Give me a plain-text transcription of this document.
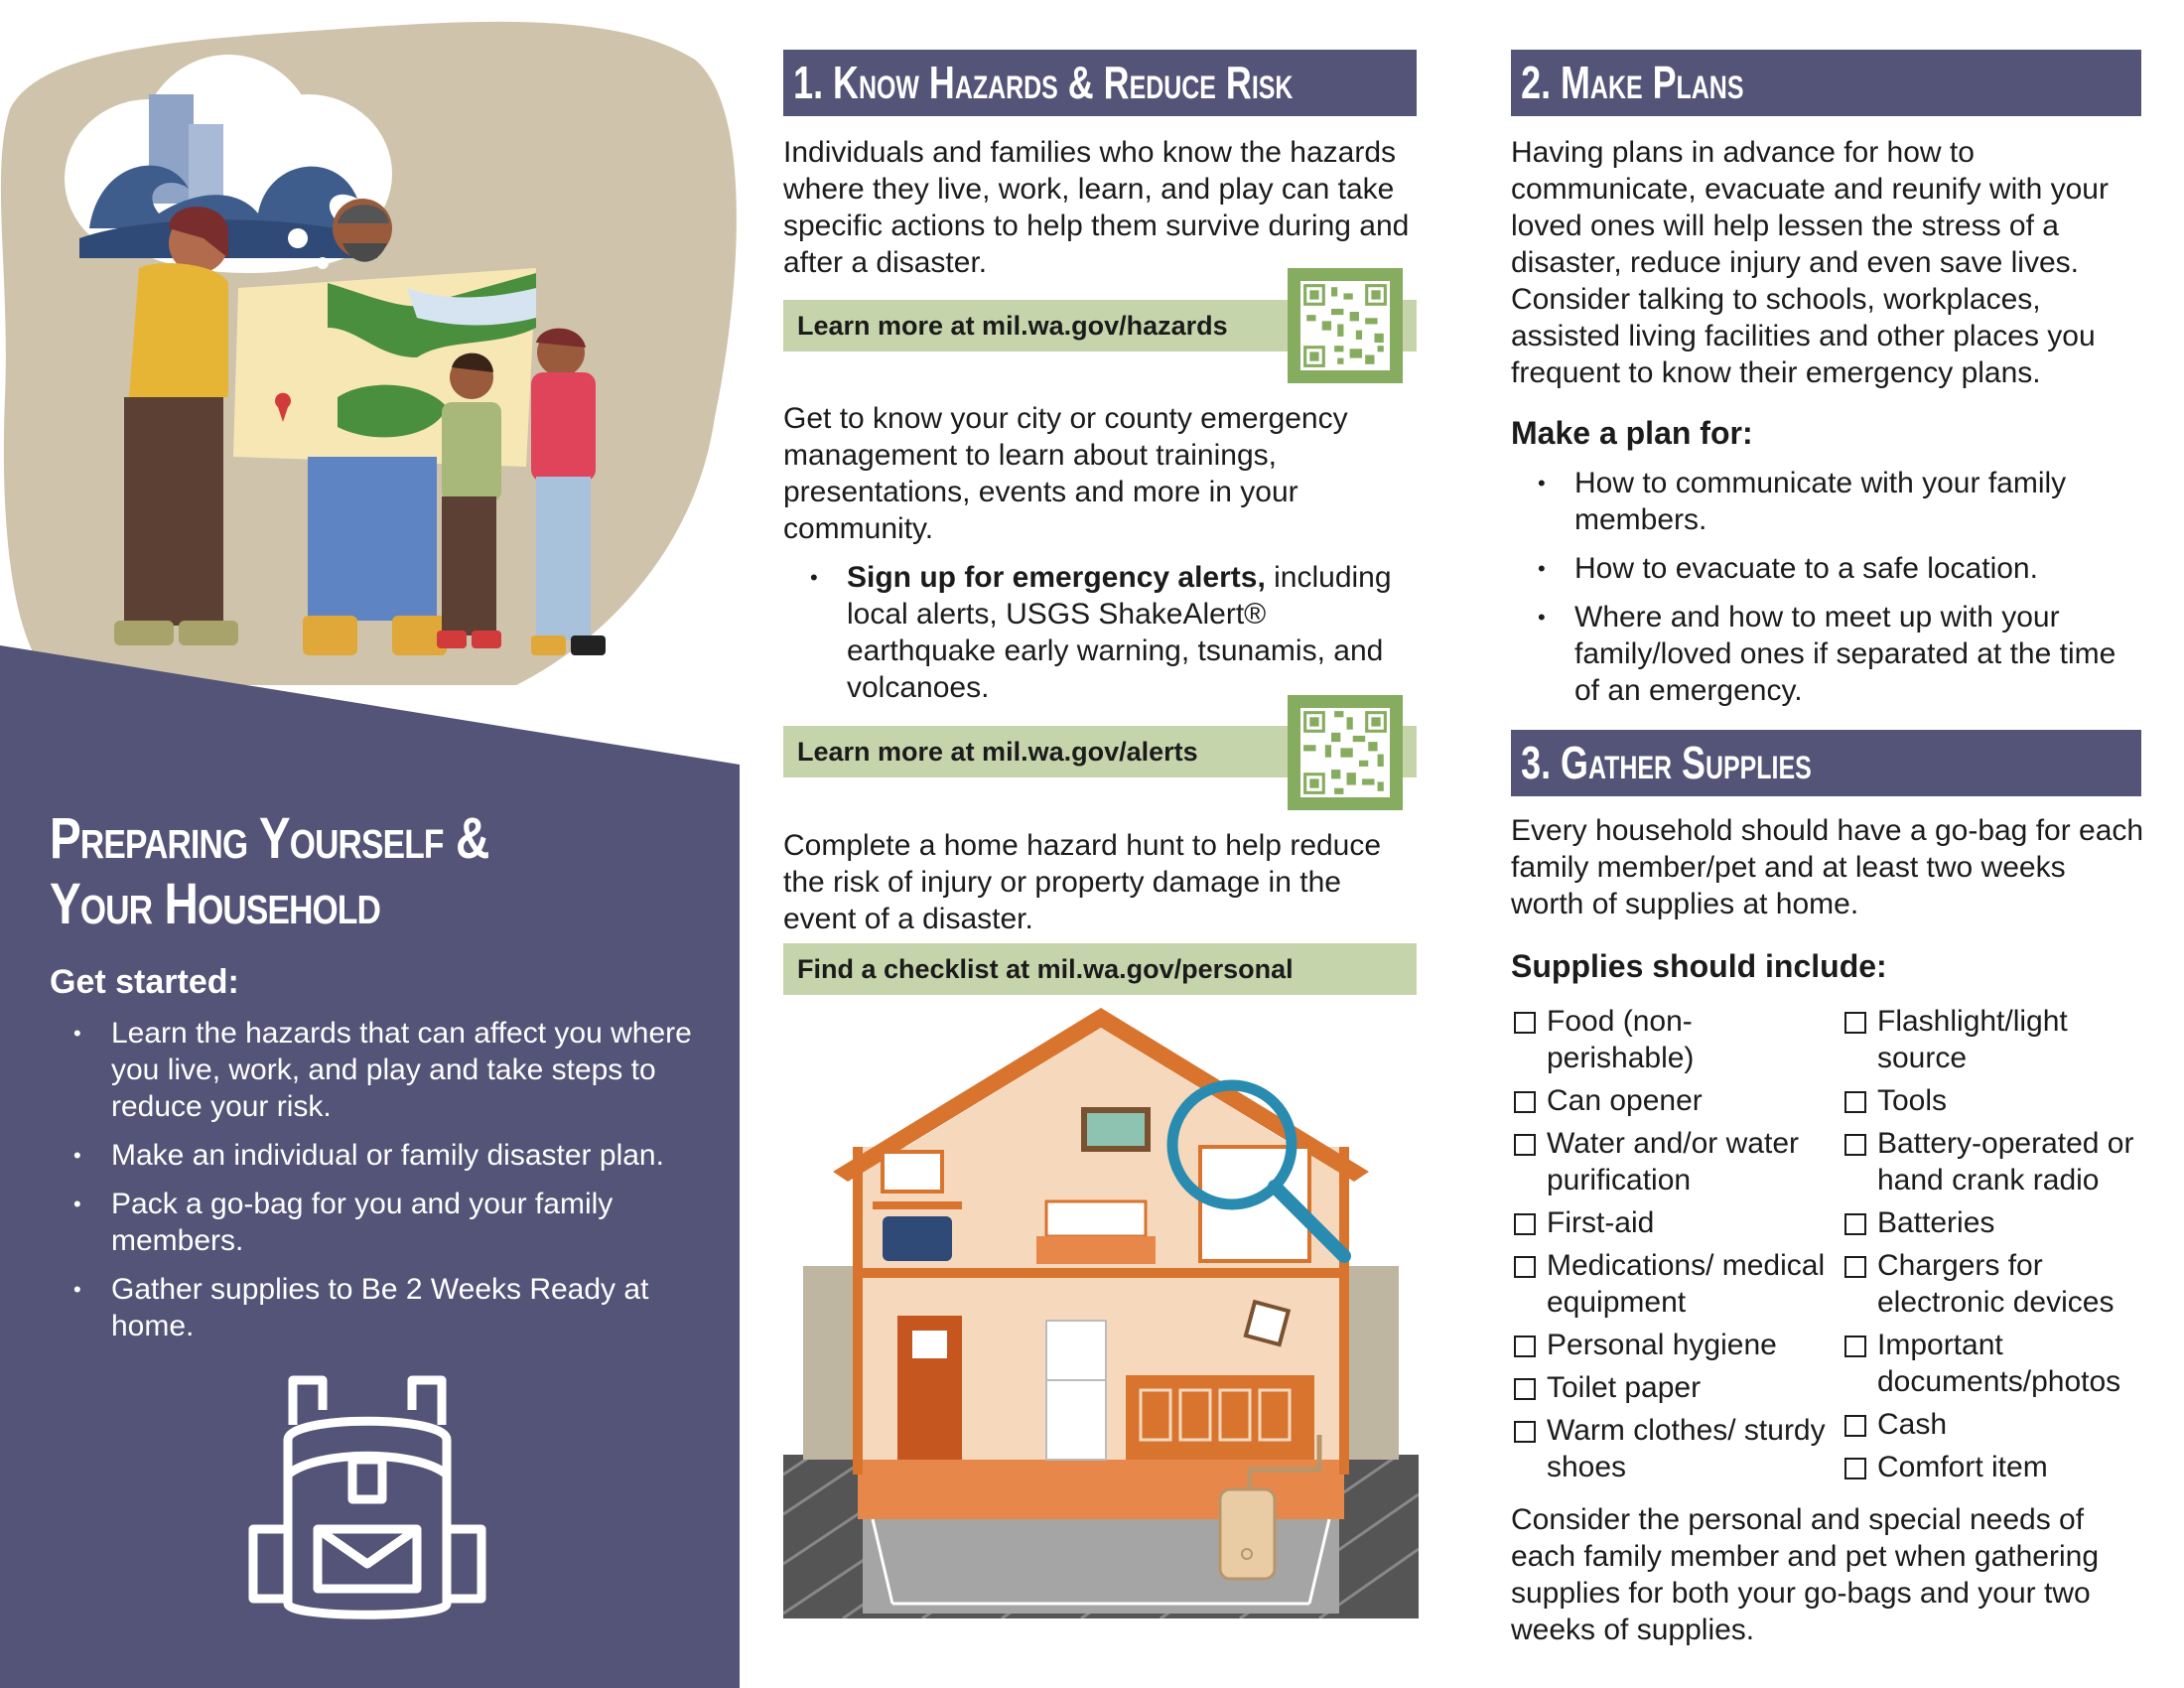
Preparing Yourself &
Your Household
Get started:
• Learn the hazards that can affect you where you live, work, and play and take steps to reduce your risk.
• Make an individual or family disaster plan.
• Pack a go-bag for you and your family members.
• Gather supplies to Be 2 Weeks Ready at home.
1. Know Hazards & Reduce Risk
Individuals and families who know the hazards where they live, work, learn, and play can take specific actions to help them survive during and after a disaster.
Learn more at mil.wa.gov/hazards
Get to know your city or county emergency management to learn about trainings, presentations, events and more in your community.
• Sign up for emergency alerts, including local alerts, USGS ShakeAlert® earthquake early warning, tsunamis, and volcanoes.
Learn more at mil.wa.gov/alerts
Complete a home hazard hunt to help reduce the risk of injury or property damage in the event of a disaster.
Find a checklist at mil.wa.gov/personal
2. Make Plans
Having plans in advance for how to communicate, evacuate and reunify with your loved ones will help lessen the stress of a disaster, reduce injury and even save lives. Consider talking to schools, workplaces, assisted living facilities and other places you frequent to know their emergency plans.
Make a plan for:
• How to communicate with your family members.
• How to evacuate to a safe location.
• Where and how to meet up with your family/loved ones if separated at the time of an emergency.
3. Gather Supplies
Every household should have a go-bag for each family member/pet and at least two weeks worth of supplies at home.
Supplies should include:
Food (non-perishable)
Can opener
Water and/or water purification
First-aid
Medications/ medical equipment
Personal hygiene
Toilet paper
Warm clothes/ sturdy shoes
Flashlight/light source
Tools
Battery-operated or hand crank radio
Batteries
Chargers for electronic devices
Important documents/photos
Cash
Comfort item
Consider the personal and special needs of each family member and pet when gathering supplies for both your go-bags and your two weeks of supplies.
